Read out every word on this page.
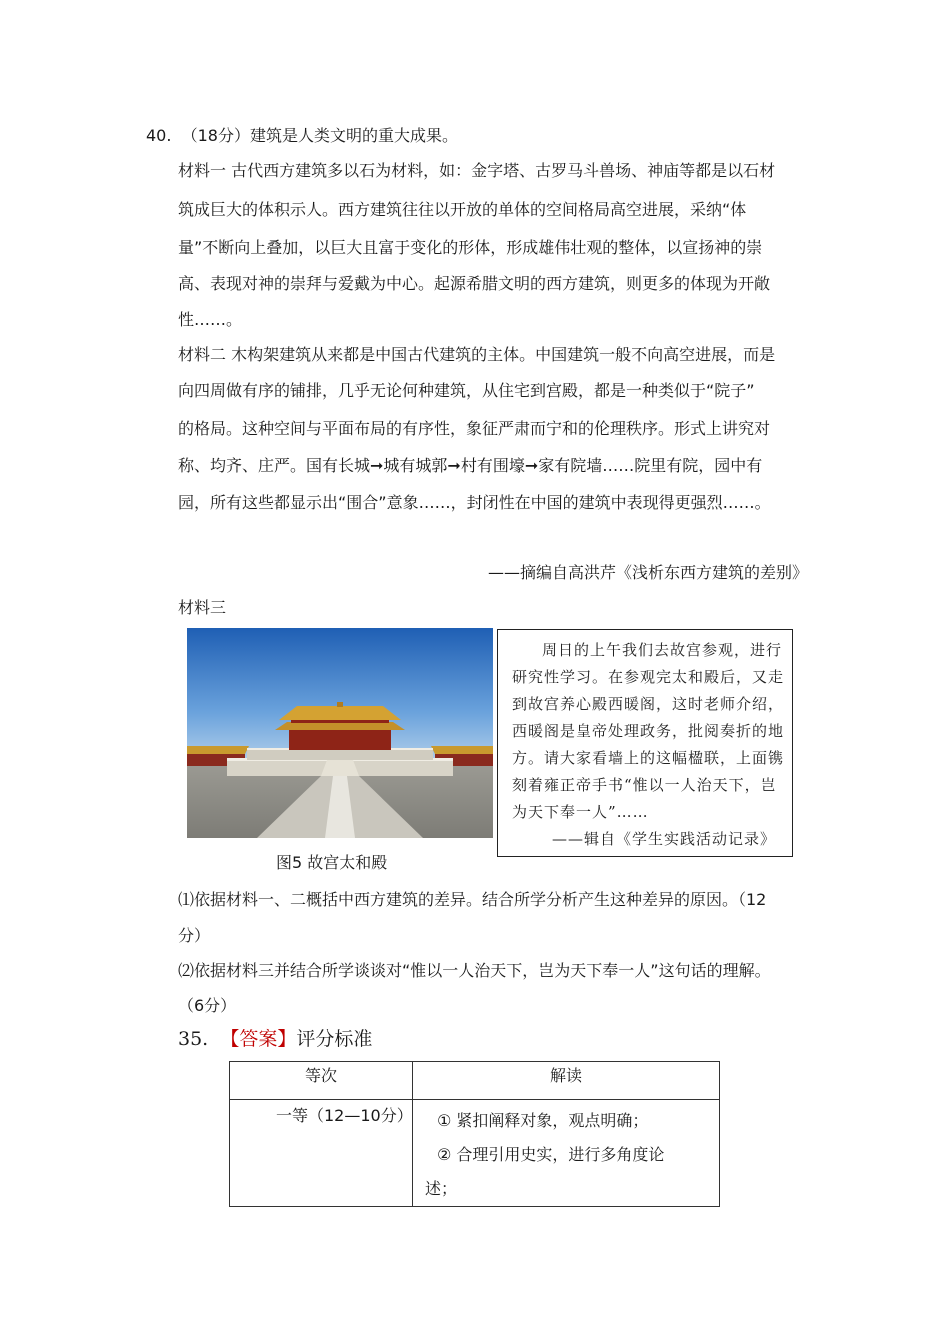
40. （18分）建筑是人类文明的重大成果。
材料一 古代西方建筑多以石为材料，如：金字塔、古罗马斗兽场、神庙等都是以石材
筑成巨大的体积示人。西方建筑往往以开放的单体的空间格局高空进展，采纳“体
量”不断向上叠加，以巨大且富于变化的形体，形成雄伟壮观的整体，以宣扬神的崇
高、表现对神的崇拜与爱戴为中心。起源希腊文明的西方建筑，则更多的体现为开敞
性……。
材料二 木构架建筑从来都是中国古代建筑的主体。中国建筑一般不向高空进展，而是
向四周做有序的铺排，几乎无论何种建筑，从住宅到宫殿，都是一种类似于“院子”
的格局。这种空间与平面布局的有序性，象征严肃而宁和的伦理秩序。形式上讲究对
称、均齐、庄严。国有长城➞城有城郭➞村有围壕➞家有院墙……院里有院，园中有
园，所有这些都显示出“围合”意象……，封闭性在中国的建筑中表现得更强烈……。
——摘编自高洪芹《浅析东西方建筑的差别》
材料三
图5 故宫太和殿
周日的上午我们去故宫参观，进行
研究性学习。在参观完太和殿后，又走
到故宫养心殿西暖阁，这时老师介绍，
西暖阁是皇帝处理政务，批阅奏折的地
方。请大家看墙上的这幅楹联，上面镌
刻着雍正帝手书“惟以一人治天下，岂
为天下奉一人”……
——辑自《学生实践活动记录》
⑴依据材料一、二概括中西方建筑的差异。结合所学分析产生这种差异的原因。（12
分）
⑵依据材料三并结合所学谈谈对“惟以一人治天下，岂为天下奉一人”这句话的理解。
（6分）
35. 【答案】评分标准
等次	解读
一等（12—10分）	① 紧扣阐释对象，观点明确；
② 合理引用史实，进行多角度论
述；
